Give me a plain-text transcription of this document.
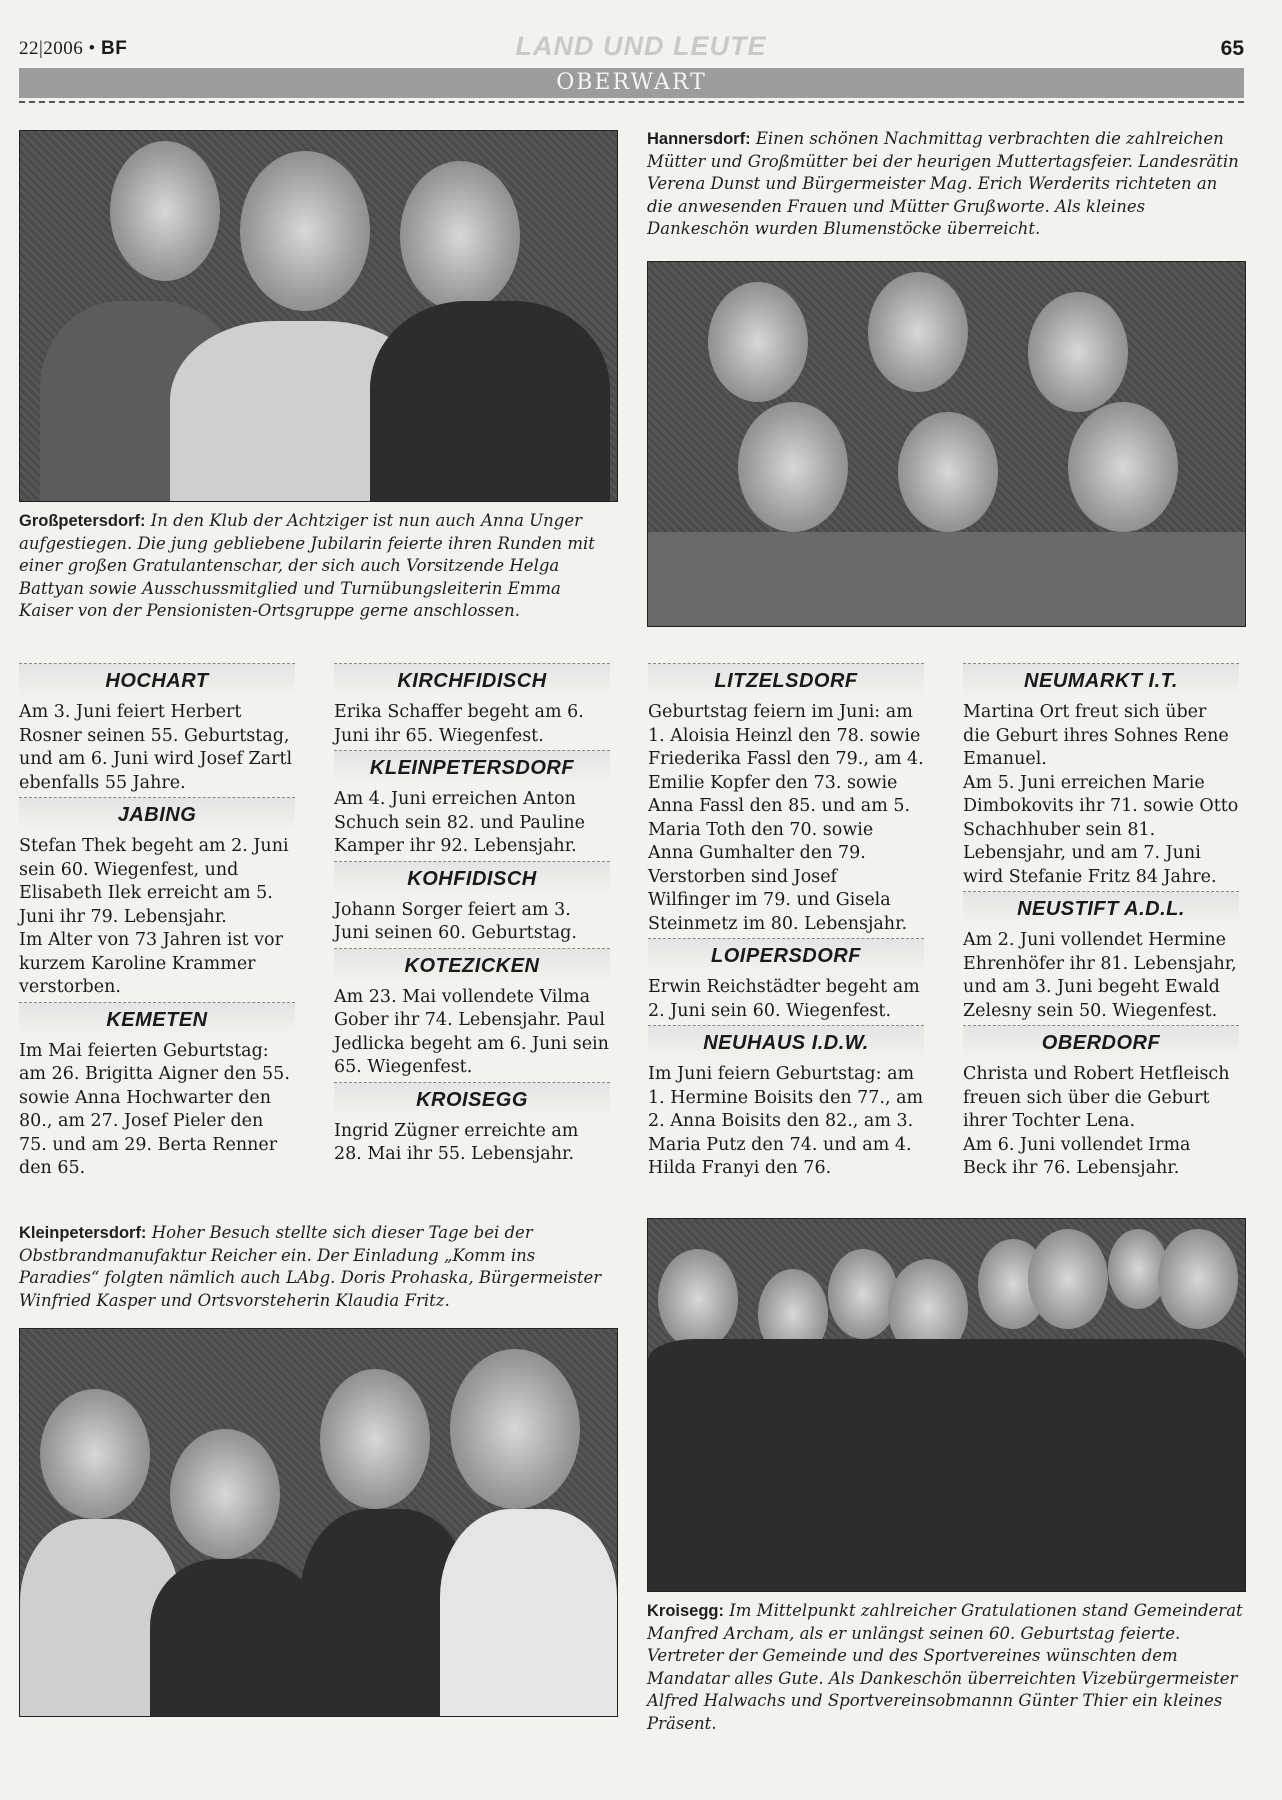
22|2006 • BF	LAND UND LEUTE	65
OBERWART
Hannersdorf: Einen schönen Nachmittag verbrachten die zahlreichen Mütter und Großmütter bei der heurigen Muttertagsfeier. Landesrätin Verena Dunst und Bürgermeister Mag. Erich Werderits richteten an die anwesenden Frauen und Mütter Grußworte. Als kleines Dankeschön wurden Blumenstöcke überreicht.
Großpetersdorf: In den Klub der Achtziger ist nun auch Anna Unger aufgestiegen. Die jung gebliebene Jubilarin feierte ihren Runden mit einer großen Gratulantenschar, der sich auch Vorsitzende Helga Battyan sowie Ausschussmitglied und Turnübungsleiterin Emma Kaiser von der Pensionisten-Ortsgruppe gerne anschlossen.
HOCHART
Am 3. Juni feiert Herbert Rosner seinen 55. Geburtstag, und am 6. Juni wird Josef Zartl ebenfalls 55 Jahre.
JABING
Stefan Thek begeht am 2. Juni sein 60. Wiegenfest, und Elisabeth Ilek erreicht am 5. Juni ihr 79. Lebensjahr.
Im Alter von 73 Jahren ist vor kurzem Karoline Krammer verstorben.
KEMETEN
Im Mai feierten Geburtstag: am 26. Brigitta Aigner den 55. sowie Anna Hochwarter den 80., am 27. Josef Pieler den 75. und am 29. Berta Renner den 65.
KIRCHFIDISCH
Erika Schaffer begeht am 6. Juni ihr 65. Wiegenfest.
KLEINPETERSDORF
Am 4. Juni erreichen Anton Schuch sein 82. und Pauline Kamper ihr 92. Lebensjahr.
KOHFIDISCH
Johann Sorger feiert am 3. Juni seinen 60. Geburtstag.
KOTEZICKEN
Am 23. Mai vollendete Vilma Gober ihr 74. Lebensjahr. Paul Jedlicka begeht am 6. Juni sein 65. Wiegenfest.
KROISEGG
Ingrid Zügner erreichte am 28. Mai ihr 55. Lebensjahr.
LITZELSDORF
Geburtstag feiern im Juni: am 1. Aloisia Heinzl den 78. sowie Friederika Fassl den 79., am 4. Emilie Kopfer den 73. sowie Anna Fassl den 85. und am 5. Maria Toth den 70. sowie Anna Gumhalter den 79. Verstorben sind Josef Wilfinger im 79. und Gisela Steinmetz im 80. Lebensjahr.
LOIPERSDORF
Erwin Reichstädter begeht am 2. Juni sein 60. Wiegenfest.
NEUHAUS I.D.W.
Im Juni feiern Geburtstag: am 1. Hermine Boisits den 77., am 2. Anna Boisits den 82., am 3. Maria Putz den 74. und am 4. Hilda Franyi den 76.
NEUMARKT I.T.
Martina Ort freut sich über die Geburt ihres Sohnes Rene Emanuel.
Am 5. Juni erreichen Marie Dimbokovits ihr 71. sowie Otto Schachhuber sein 81. Lebensjahr, und am 7. Juni wird Stefanie Fritz 84 Jahre.
NEUSTIFT A.D.L.
Am 2. Juni vollendet Hermine Ehrenhöfer ihr 81. Lebensjahr, und am 3. Juni begeht Ewald Zelesny sein 50. Wiegenfest.
OBERDORF
Christa und Robert Hetfleisch freuen sich über die Geburt ihrer Tochter Lena.
Am 6. Juni vollendet Irma Beck ihr 76. Lebensjahr.
Kleinpetersdorf: Hoher Besuch stellte sich dieser Tage bei der Obstbrandmanufaktur Reicher ein. Der Einladung „Komm ins Paradies“ folgten nämlich auch LAbg. Doris Prohaska, Bürgermeister Winfried Kasper und Ortsvorsteherin Klaudia Fritz.
Kroisegg: Im Mittelpunkt zahlreicher Gratulationen stand Gemeinderat Manfred Archam, als er unlängst seinen 60. Geburtstag feierte. Vertreter der Gemeinde und des Sportvereines wünschten dem Mandatar alles Gute. Als Dankeschön überreichten Vizebürgermeister Alfred Halwachs und Sportvereinsobmannn Günter Thier ein kleines Präsent.
